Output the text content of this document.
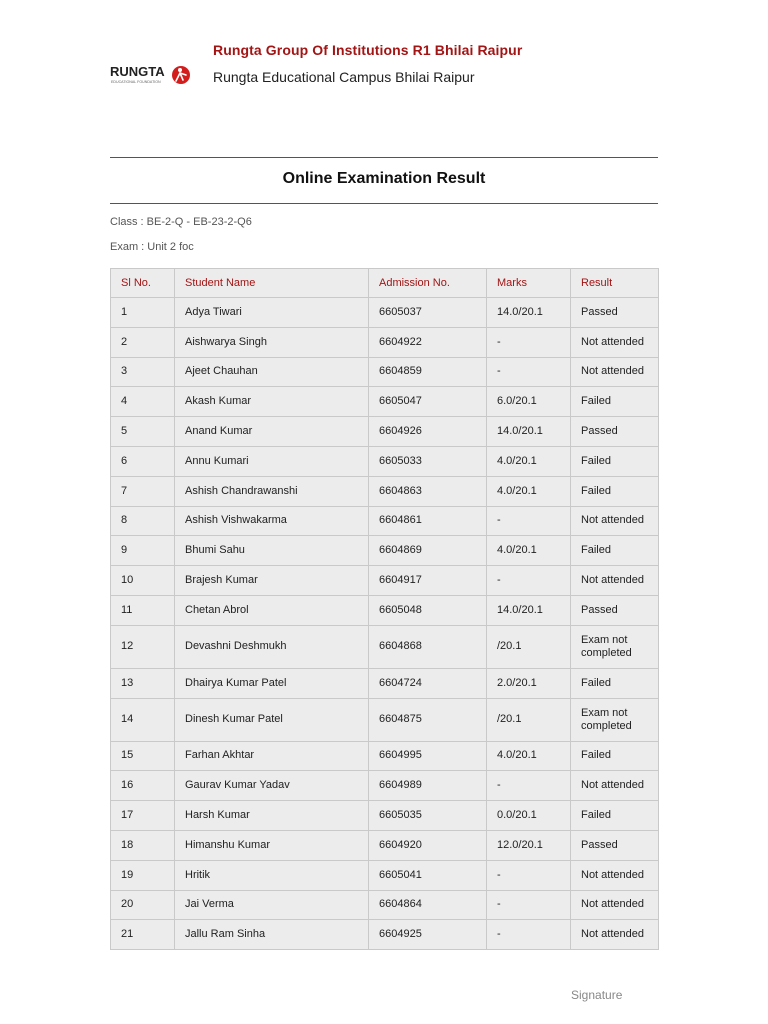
RUNGTA
EDUCATIONAL FOUNDATION
Rungta Group Of Institutions R1 Bhilai Raipur
Rungta Educational Campus Bhilai Raipur
Online Examination Result
Class : BE-2-Q - EB-23-2-Q6
Exam : Unit 2 foc
Sl No.	Student Name	Admission No.	Marks	Result
1	Adya Tiwari	6605037	14.0/20.1	Passed
2	Aishwarya Singh	6604922	-	Not attended
3	Ajeet Chauhan	6604859	-	Not attended
4	Akash Kumar	6605047	6.0/20.1	Failed
5	Anand Kumar	6604926	14.0/20.1	Passed
6	Annu Kumari	6605033	4.0/20.1	Failed
7	Ashish Chandrawanshi	6604863	4.0/20.1	Failed
8	Ashish Vishwakarma	6604861	-	Not attended
9	Bhumi Sahu	6604869	4.0/20.1	Failed
10	Brajesh Kumar	6604917	-	Not attended
11	Chetan Abrol	6605048	14.0/20.1	Passed
12	Devashni Deshmukh	6604868	/20.1	Exam not completed
13	Dhairya Kumar Patel	6604724	2.0/20.1	Failed
14	Dinesh Kumar Patel	6604875	/20.1	Exam not completed
15	Farhan Akhtar	6604995	4.0/20.1	Failed
16	Gaurav Kumar Yadav	6604989	-	Not attended
17	Harsh Kumar	6605035	0.0/20.1	Failed
18	Himanshu Kumar	6604920	12.0/20.1	Passed
19	Hritik	6605041	-	Not attended
20	Jai Verma	6604864	-	Not attended
21	Jallu Ram Sinha	6604925	-	Not attended
Signature
